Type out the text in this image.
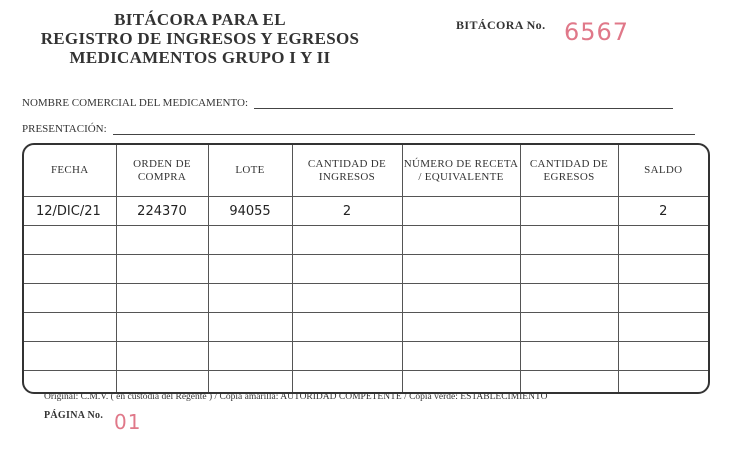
BITÁCORA PARA EL
REGISTRO DE INGRESOS Y EGRESOS
MEDICAMENTOS GRUPO I Y II
BITÁCORA No. 6567
NOMBRE COMERCIAL DEL MEDICAMENTO:
PRESENTACIÓN:
FECHA	ORDEN DE COMPRA	LOTE	CANTIDAD DE INGRESOS	NÚMERO DE RECETA / EQUIVALENTE	CANTIDAD DE EGRESOS	SALDO
12/DIC/21	224370	94055	2			2

Original: C.M.V. ( en custodia del Regente ) / Copia amarilla: AUTORIDAD COMPETENTE / Copia verde: ESTABLECIMIENTO
PÁGINA No. 01
